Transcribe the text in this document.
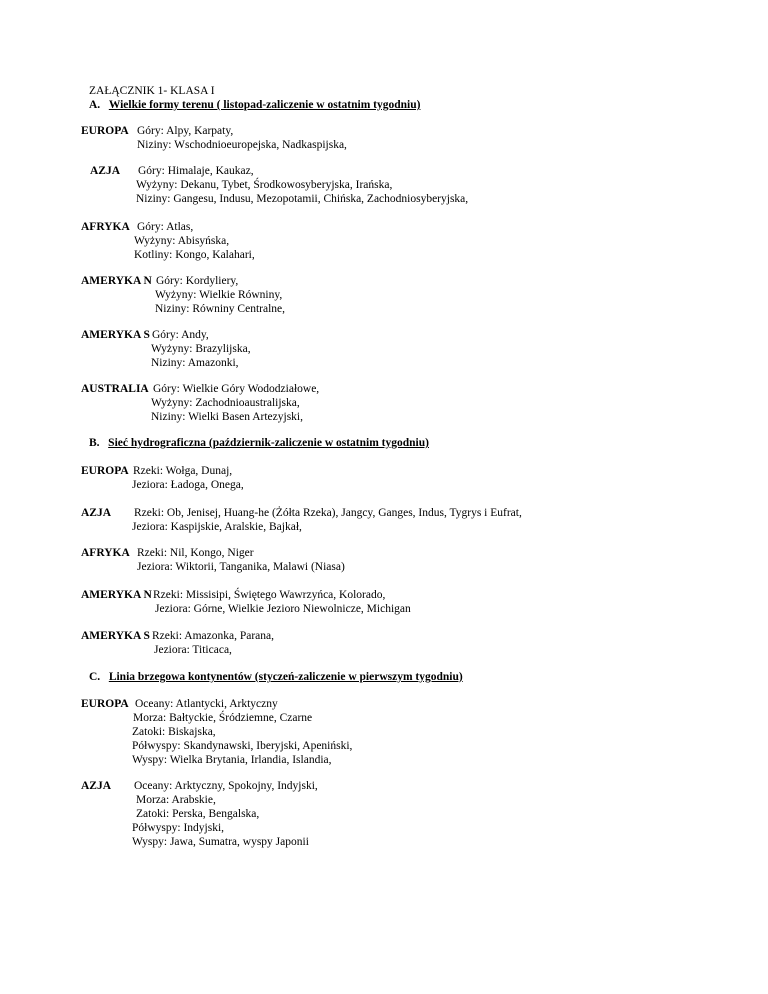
ZAŁĄCZNIK 1- KLASA I
A. Wielkie formy terenu ( listopad-zaliczenie w ostatnim tygodniu)
EUROPA Góry: Alpy, Karpaty,
Niziny: Wschodnioeuropejska, Nadkaspijska,
AZJA Góry: Himalaje, Kaukaz,
Wyżyny: Dekanu, Tybet, Środkowosyberyjska, Irańska,
Niziny: Gangesu, Indusu, Mezopotamii, Chińska, Zachodniosyberyjska,
AFRYKA Góry: Atlas,
Wyżyny: Abisyńska,
Kotliny: Kongo, Kalahari,
AMERYKA N Góry: Kordyliery,
Wyżyny: Wielkie Równiny,
Niziny: Równiny Centralne,
AMERYKA S Góry: Andy,
Wyżyny: Brazylijska,
Niziny: Amazonki,
AUSTRALIA Góry: Wielkie Góry Wododziałowe,
Wyżyny: Zachodnioaustralijska,
Niziny: Wielki Basen Artezyjski,
B. Sieć hydrograficzna (październik-zaliczenie w ostatnim tygodniu)
EUROPA Rzeki: Wołga, Dunaj,
Jeziora: Ładoga, Onega,
AZJA Rzeki: Ob, Jenisej, Huang-he (Żółta Rzeka), Jangcy, Ganges, Indus, Tygrys i Eufrat,
Jeziora: Kaspijskie, Aralskie, Bajkał,
AFRYKA Rzeki: Nil, Kongo, Niger
Jeziora: Wiktorii, Tanganika, Malawi (Niasa)
AMERYKA N Rzeki: Missisipi, Świętego Wawrzyńca, Kolorado,
Jeziora: Górne, Wielkie Jezioro Niewolnicze, Michigan
AMERYKA S Rzeki: Amazonka, Parana,
Jeziora: Titicaca,
C. Linia brzegowa kontynentów (styczeń-zaliczenie w pierwszym tygodniu)
EUROPA Oceany: Atlantycki, Arktyczny
Morza: Bałtyckie, Śródziemne, Czarne
Zatoki: Biskajska,
Półwyspy: Skandynawski, Iberyjski, Apeniński,
Wyspy: Wielka Brytania, Irlandia, Islandia,
AZJA Oceany: Arktyczny, Spokojny, Indyjski,
Morza: Arabskie,
Zatoki: Perska, Bengalska,
Półwyspy: Indyjski,
Wyspy: Jawa, Sumatra, wyspy Japonii
